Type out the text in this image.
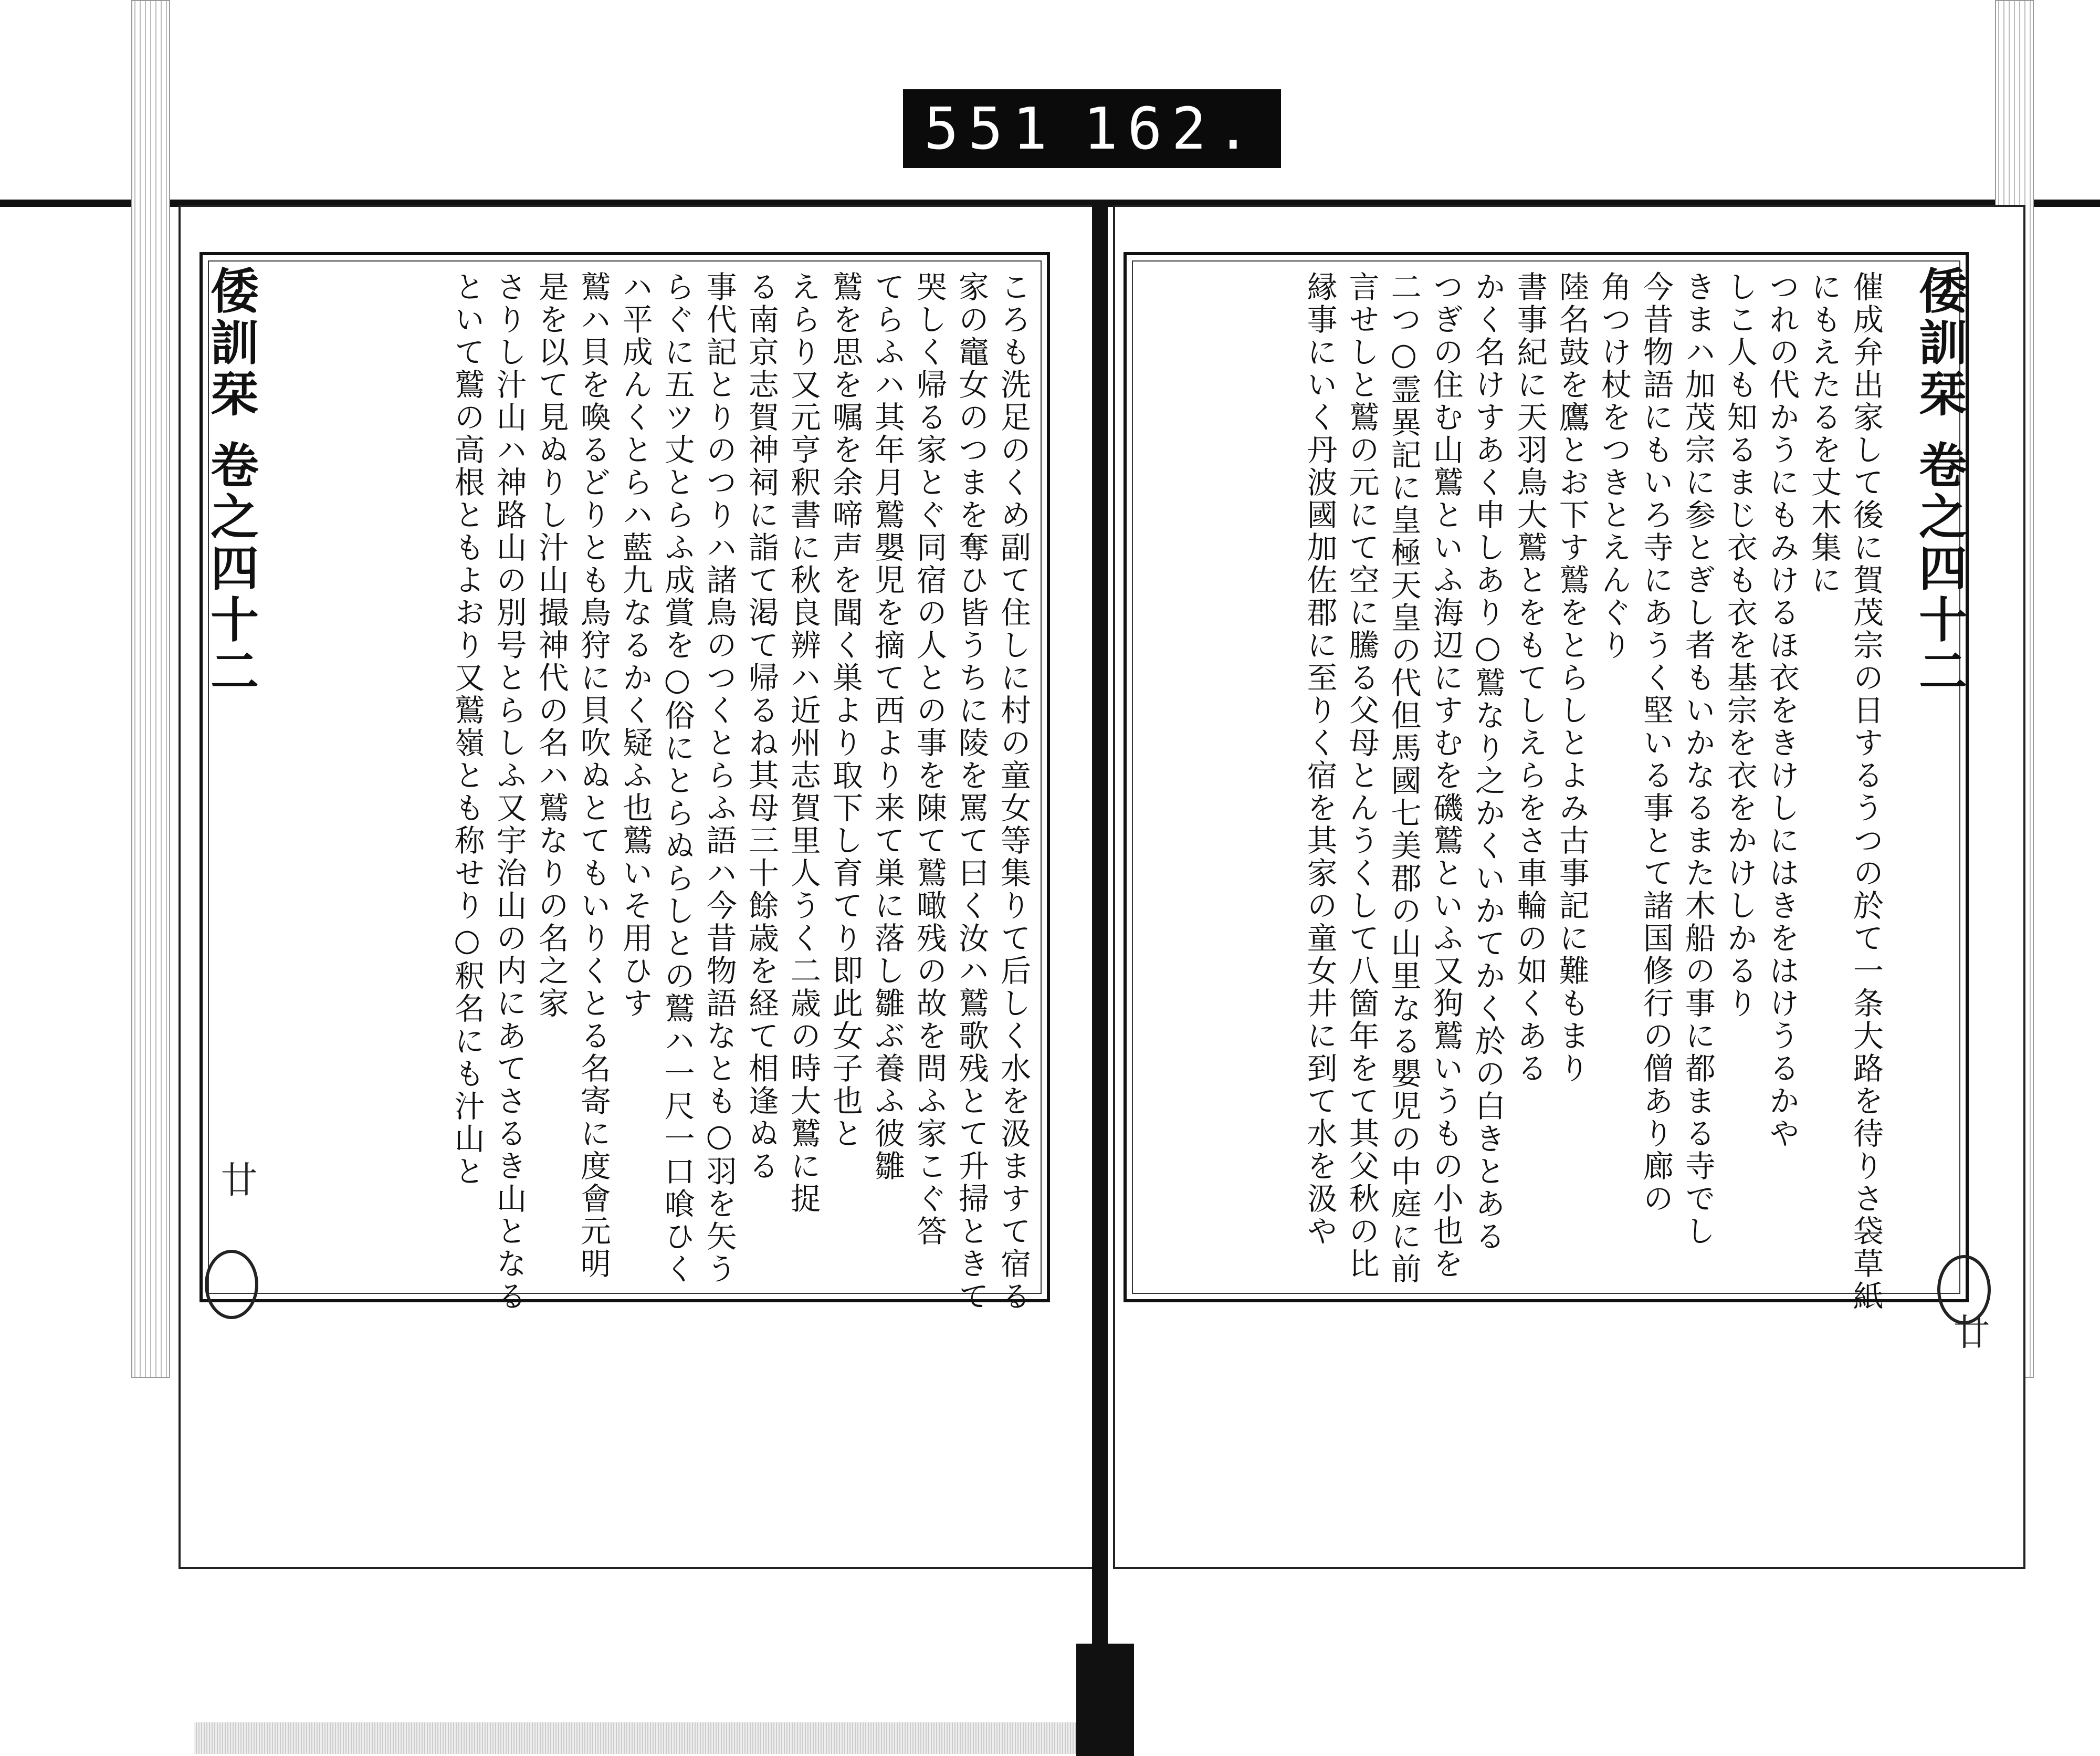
551 162.
倭訓栞 卷之四十二	ころも洗足のくめ副て住しに村の童女等集りて后しく水を汲ますて宿る
家の竈女のつまを奪ひ皆うちに陵を罵て曰く汝ハ鷲歌残とて升掃ときて
哭しく帰る家とぐ同宿の人との事を陳て鷲噉残の故を問ふ家こぐ答
てらふハ其年月鷲嬰児を摘て西より来て巣に落し雛ぶ養ふ彼雛
鷲を思を嘱を余啼声を聞く巣より取下し育てり即此女子也と
えらり又元亨釈書に秋良辨ハ近州志賀里人うく二歳の時大鷲に捉
る南京志賀神祠に詣て渇て帰るね其母三十餘歳を経て相逢ぬる
事代記とりのつりハ諸鳥のつくとらふ語ハ今昔物語なとも○羽を矢う
らぐに五ツ丈とらふ成賞を○俗にとらぬらしとの鷲ハ一尺一口喰ひく
ハ平成んくとらハ藍九なるかく疑ふ也鷲いそ用ひす
鷲ハ貝を喚るどりとも鳥狩に貝吹ぬとてもいりくとる名寄に度會元明
是を以て見ぬりし汁山撮神代の名ハ鷲なりの名之家
さりし汁山ハ神路山の別号とらしふ又宇治山の内にあてさるき山となる
といて鷲の高根ともよおり又鷲嶺とも称せり○釈名にも汁山と	倭訓栞 卷之四十二
催成弁出家して後に賀茂宗の日するうつの於て一条大路を待りさ袋草紙
にもえたるを丈木集に
つれの代かうにもみけるほ衣をきけしにはきをはけうるかや
しこ人も知るまじ衣も衣を基宗を衣をかけしかるり
きまハ加茂宗に参とぎし者もいかなるまた木船の事に都まる寺でし
今昔物語にもいろ寺にあうく堅いる事とて諸国修行の僧あり廊の
角つけ杖をつきとえんぐり
陸名鼓を鷹とお下す鷲をとらしとよみ古事記に難もまり
書事紀に天羽鳥大鷲とをもてしえらをさ車輪の如くある
かく名けすあく申しあり○鷲なり之かくいかてかく於の白きとある
つぎの住む山鷲といふ海辺にすむを磯鷲といふ又狗鷲いうもの小也を
二つ○霊異記に皇極天皇の代但馬國七美郡の山里なる嬰児の中庭に前
言せしと鷲の元にて空に騰る父母とんうくして八箇年をて其父秋の比
縁事にいく丹波國加佐郡に至りく宿を其家の童女井に到て水を汲や
廿
廿
